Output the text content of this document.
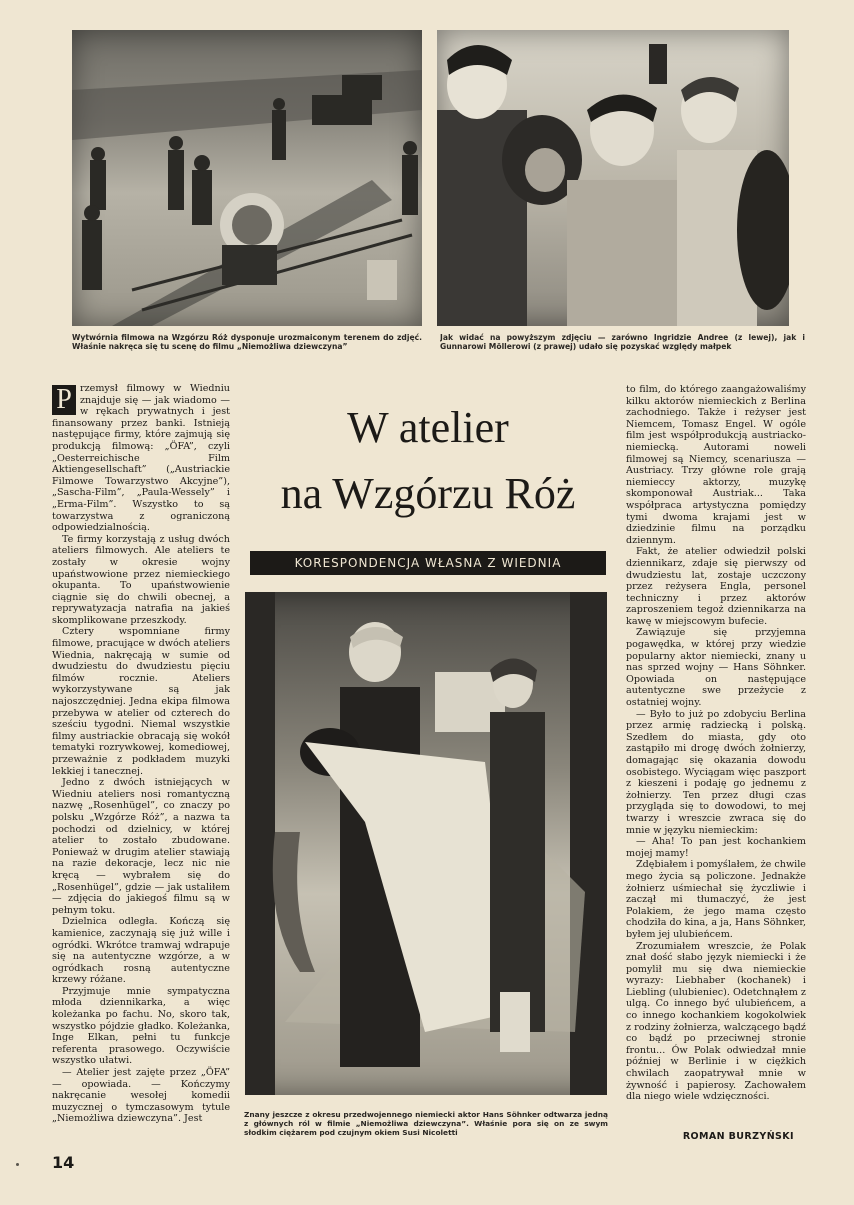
Wytwórnia filmowa na Wzgórzu Róż dysponuje urozmaiconym terenem do zdjęć. Właśnie nakręca się tu scenę do filmu „Niemożliwa dziewczyna”
Jak widać na powyższym zdjęciu — zarówno Ingridzie Andree (z lewej), jak i Gunnarowi Möllerowi (z prawej) udało się pozyskać względy małpek
P rzemysł filmowy w Wiedniu znajduje się — jak wiadomo — w rękach prywatnych i jest finansowany przez banki. Istnieją następujące firmy, które zajmują się produkcją filmową: „ÖFA”, czyli „Oesterreichische Film Aktiengesellschaft” („Austriackie Filmowe Towarzystwo Akcyjne”), „Sascha-Film”, „Paula-Wessely” i „Erma-Film”. Wszystko to są towarzystwa z ograniczoną odpowiedzialnością.

Te firmy korzystają z usług dwóch ateliers filmowych. Ale ateliers te zostały w okresie wojny upaństwowione przez niemieckiego okupanta. To upaństwowienie ciągnie się do chwili obecnej, a reprywatyzacja natrafia na jakieś skomplikowane przeszkody.

Cztery wspomniane firmy filmowe, pracujące w dwóch ateliers Wiednia, nakręcają w sumie od dwudziestu do dwudziestu pięciu filmów rocznie. Ateliers wykorzystywane są jak najoszczędniej. Jedna ekipa filmowa przebywa w atelier od czterech do sześciu tygodni. Niemal wszystkie filmy austriackie obracają się wokół tematyki rozrywkowej, komediowej, przeważnie z podkładem muzyki lekkiej i tanecznej.

Jedno z dwóch istniejących w Wiedniu ateliers nosi romantyczną nazwę „Rosenhügel”, co znaczy po polsku „Wzgórze Róż”, a nazwa ta pochodzi od dzielnicy, w której atelier to zostało zbudowane. Ponieważ w drugim atelier stawiają na razie dekoracje, lecz nic nie kręcą — wybrałem się do „Rosenhügel”, gdzie — jak ustaliłem — zdjęcia do jakiegoś filmu są w pełnym toku.

Dzielnica odległa. Kończą się kamienice, zaczynają się już wille i ogródki. Wkrótce tramwaj wdrapuje się na autentyczne wzgórze, a w ogródkach rosną autentyczne krzewy różane.

Przyjmuje mnie sympatyczna młoda dziennikarka, a więc koleżanka po fachu. No, skoro tak, wszystko pójdzie gładko. Koleżanka, Inge Elkan, pełni tu funkcje referenta prasowego. Oczywiście wszystko ułatwi.

— Atelier jest zajęte przez „ÖFA” — opowiada. — Kończymy nakręcanie wesołej komedii muzycznej o tymczasowym tytule „Niemożliwa dziewczyna”. Jest

W atelier
na Wzgórzu Róż
KORESPONDENCJA WŁASNA Z WIEDNIA
Znany jeszcze z okresu przedwojennego niemiecki aktor Hans Söhnker odtwarza jedną z głównych ról w filmie „Niemożliwa dziewczyna”. Właśnie pora się on ze swym słodkim ciężarem pod czujnym okiem Susi Nicoletti

to film, do którego zaangażowaliśmy kilku aktorów niemieckich z Berlina zachodniego. Także i reżyser jest Niemcem, Tomasz Engel. W ogóle film jest współprodukcją austriacko-niemiecką. Autorami noweli filmowej są Niemcy, scenariusza — Austriacy. Trzy główne role grają niemieccy aktorzy, muzykę skomponował Austriak... Taka współpraca artystyczna pomiędzy tymi dwoma krajami jest w dziedzinie filmu na porządku dziennym.

Fakt, że atelier odwiedził polski dziennikarz, zdaje się pierwszy od dwudziestu lat, zostaje uczczony przez reżysera Engla, personel techniczny i przez aktorów zaproszeniem tegoż dziennikarza na kawę w miejscowym bufecie.

Zawiązuje się przyjemna pogawędka, w której przy wiedzie popularny aktor niemiecki, znany u nas sprzed wojny — Hans Söhnker. Opowiada on następujące autentyczne swe przeżycie z ostatniej wojny.

— Było to już po zdobyciu Berlina przez armię radziecką i polską. Szedłem do miasta, gdy oto zastąpiło mi drogę dwóch żołnierzy, domagając się okazania dowodu osobistego. Wyciągam więc paszport z kieszeni i podaję go jednemu z żołnierzy. Ten przez długi czas przygląda się to dowodowi, to mej twarzy i wreszcie zwraca się do mnie w języku niemieckim:

— Aha! To pan jest kochankiem mojej mamy!

Zdębiałem i pomyślałem, że chwile mego życia są policzone. Jednakże żołnierz uśmiechał się życzliwie i zaczął mi tłumaczyć, że jest Polakiem, że jego mama często chodziła do kina, a ja, Hans Söhnker, byłem jej ulubieńcem.

Zrozumiałem wreszcie, że Polak znał dość słabo język niemiecki i że pomylił mu się dwa niemieckie wyrazy: Liebhaber (kochanek) i Liebling (ulubieniec). Odetchnąłem z ulgą. Co innego być ulubieńcem, a co innego kochankiem kogokolwiek z rodziny żołnierza, walczącego bądź co bądź po przeciwnej stronie frontu... Ów Polak odwiedzał mnie później w Berlinie i w ciężkich chwilach zaopatrywał mnie w żywność i papierosy. Zachowałem dla niego wiele wdzięczności.

ROMAN BURZYŃSKI
14
